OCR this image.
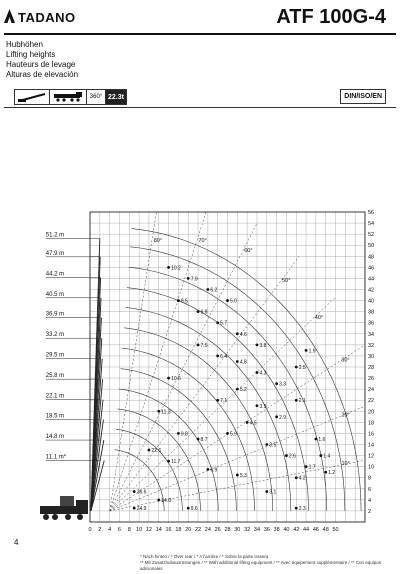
TADANO	ATF 100G-4
Hubhöhen
Lifting heights
Hauteurs de levage
Alturas de elevación
360° 22.3t	DIN/ISO/EN
36.6
24.9
14.0
9.6
6.9
5.3
3.1
2.3
8.7
5.9
4.5
3.5
2.6
4.2
1.7
1.4
1.2
7.1
5.2
3.9
2.9
2.1
1.6
7.5
6.4
4.8
4.3
3.3
2.5
1.9
8.5
6.8
5.7
4.6
3.8
10.2
7.9
6.2
5.0
11.3
10.6
9.8
22.6
11.7
51.2 m
47.9 m
44.2 m
40.5 m
36.9 m
33.2 m
29.5 m
25.8 m
22.1 m
18.5 m
14.8 m
11.1 m*
80°	70°
60°
50°
40°
30°
20°
10°
0 2 4 6 8 10 12 14 16 18 20 22 24 26 28 30 32 34 36 38 40 42 44 46 48 50
2
4
6
8
10
12
14
16
18
20
22
24
26
28
30
32
34
36
38
40
42
44
46
48
50
52
54
56
4
* Nach hinten / * Over rear / * A l'arrière / * Sobre la parte trasera
** Mit Zusatzhubausrüstungen / ** With additional lifting equipment / ** Avec équipement supplémentaire / ** Con equipos adicionales
